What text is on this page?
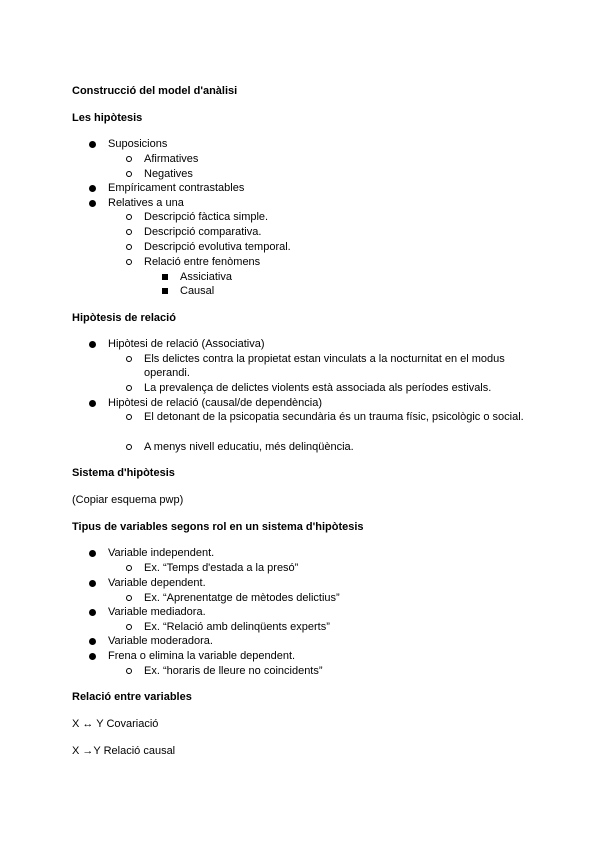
Construcció del model d'anàlisi
Les hipòtesis
Suposicions
Afirmatives
Negatives
Empíricament contrastables
Relatives a una
Descripció fàctica simple.
Descripció comparativa.
Descripció evolutiva temporal.
Relació entre fenòmens
Assiciativa
Causal
Hipòtesis de relació
Hipòtesi de relació (Associativa)
Els delictes contra la propietat estan vinculats a la nocturnitat en el modus operandi.
La prevalença de delictes violents està associada als períodes estivals.
Hipòtesi de relació (causal/de dependència)
El detonant de la psicopatia secundària és un trauma físic, psicològic o social.
A menys nivell educatiu, més delinqüència.
Sistema d'hipòtesis
(Copiar esquema pwp)
Tipus de variables segons rol en un sistema d'hipòtesis
Variable independent.
Ex. “Temps d'estada a la presó”
Variable dependent.
Ex. “Aprenentatge de mètodes delictius”
Variable mediadora.
Ex. “Relació amb delinqüents experts”
Variable moderadora.
Frena o elimina la variable dependent.
Ex. “horaris de lleure no coincidents”
Relació entre variables
X ↔ Y Covariació
X →Y Relació causal
